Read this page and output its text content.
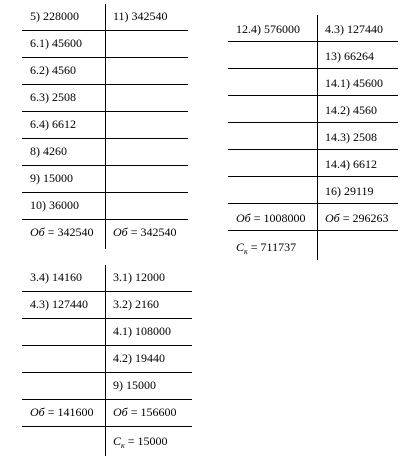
5) 228000	11) 342540
6.1) 45600
6.2) 4560
6.3) 2508
6.4) 6612
8) 4260
9) 15000
10) 36000
Об = 342540 Об = 342540
12.4) 576000 4.3) 127440
13) 66264
14.1) 45600
14.2) 4560
14.3) 2508
14.4) 6612
16) 29119
Об = 1008000 Об = 296263
$С_к = 711737$
3.4) 14160	3.1) 12000
4.3) 127440 3.2) 2160
4.1) 108000
4.2) 19440
9) 15000
Об = 141600 Об = 156600
$С_к = 15000$
